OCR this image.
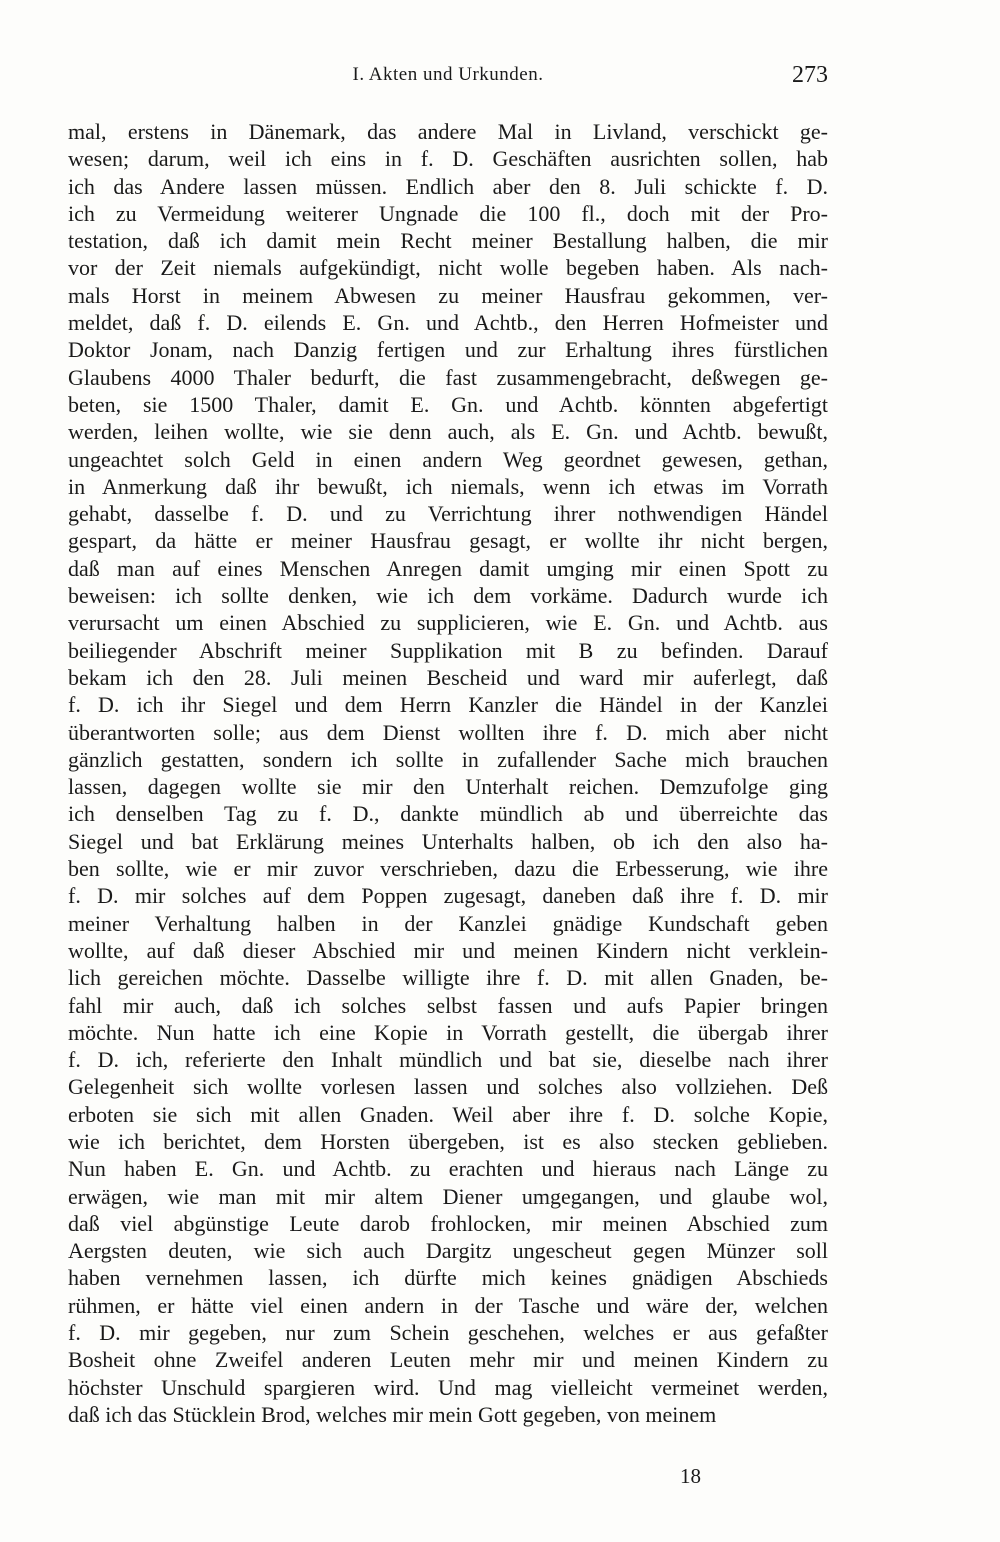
I. Akten und Urkunden.	273
mal, erstens in Dänemark, das andere Mal in Livland, verschickt ge-
wesen; darum, weil ich eins in f. D. Geschäften ausrichten sollen, hab
ich das Andere lassen müssen. Endlich aber den 8. Juli schickte f. D.
ich zu Vermeidung weiterer Ungnade die 100 fl., doch mit der Pro-
testation, daß ich damit mein Recht meiner Bestallung halben, die mir
vor der Zeit niemals aufgekündigt, nicht wolle begeben haben. Als nach-
mals Horst in meinem Abwesen zu meiner Hausfrau gekommen, ver-
meldet, daß f. D. eilends E. Gn. und Achtb., den Herren Hofmeister und
Doktor Jonam, nach Danzig fertigen und zur Erhaltung ihres fürstlichen
Glaubens 4000 Thaler bedurft, die fast zusammengebracht, deßwegen ge-
beten, sie 1500 Thaler, damit E. Gn. und Achtb. könnten abgefertigt
werden, leihen wollte, wie sie denn auch, als E. Gn. und Achtb. bewußt,
ungeachtet solch Geld in einen andern Weg geordnet gewesen, gethan,
in Anmerkung daß ihr bewußt, ich niemals, wenn ich etwas im Vorrath
gehabt, dasselbe f. D. und zu Verrichtung ihrer nothwendigen Händel
gespart, da hätte er meiner Hausfrau gesagt, er wollte ihr nicht bergen,
daß man auf eines Menschen Anregen damit umging mir einen Spott zu
beweisen: ich sollte denken, wie ich dem vorkäme. Dadurch wurde ich
verursacht um einen Abschied zu supplicieren, wie E. Gn. und Achtb. aus
beiliegender Abschrift meiner Supplikation mit B zu befinden. Darauf
bekam ich den 28. Juli meinen Bescheid und ward mir auferlegt, daß
f. D. ich ihr Siegel und dem Herrn Kanzler die Händel in der Kanzlei
überantworten solle; aus dem Dienst wollten ihre f. D. mich aber nicht
gänzlich gestatten, sondern ich sollte in zufallender Sache mich brauchen
lassen, dagegen wollte sie mir den Unterhalt reichen. Demzufolge ging
ich denselben Tag zu f. D., dankte mündlich ab und überreichte das
Siegel und bat Erklärung meines Unterhalts halben, ob ich den also ha-
ben sollte, wie er mir zuvor verschrieben, dazu die Erbesserung, wie ihre
f. D. mir solches auf dem Poppen zugesagt, daneben daß ihre f. D. mir
meiner Verhaltung halben in der Kanzlei gnädige Kundschaft geben
wollte, auf daß dieser Abschied mir und meinen Kindern nicht verklein-
lich gereichen möchte. Dasselbe willigte ihre f. D. mit allen Gnaden, be-
fahl mir auch, daß ich solches selbst fassen und aufs Papier bringen
möchte. Nun hatte ich eine Kopie in Vorrath gestellt, die übergab ihrer
f. D. ich, referierte den Inhalt mündlich und bat sie, dieselbe nach ihrer
Gelegenheit sich wollte vorlesen lassen und solches also vollziehen. Deß
erboten sie sich mit allen Gnaden. Weil aber ihre f. D. solche Kopie,
wie ich berichtet, dem Horsten übergeben, ist es also stecken geblieben.
Nun haben E. Gn. und Achtb. zu erachten und hieraus nach Länge zu
erwägen, wie man mit mir altem Diener umgegangen, und glaube wol,
daß viel abgünstige Leute darob frohlocken, mir meinen Abschied zum
Aergsten deuten, wie sich auch Dargitz ungescheut gegen Münzer soll
haben vernehmen lassen, ich dürfte mich keines gnädigen Abschieds
rühmen, er hätte viel einen andern in der Tasche und wäre der, welchen
f. D. mir gegeben, nur zum Schein geschehen, welches er aus gefaßter
Bosheit ohne Zweifel anderen Leuten mehr mir und meinen Kindern zu
höchster Unschuld spargieren wird. Und mag vielleicht vermeinet werden,
daß ich das Stücklein Brod, welches mir mein Gott gegeben, von meinem
18
